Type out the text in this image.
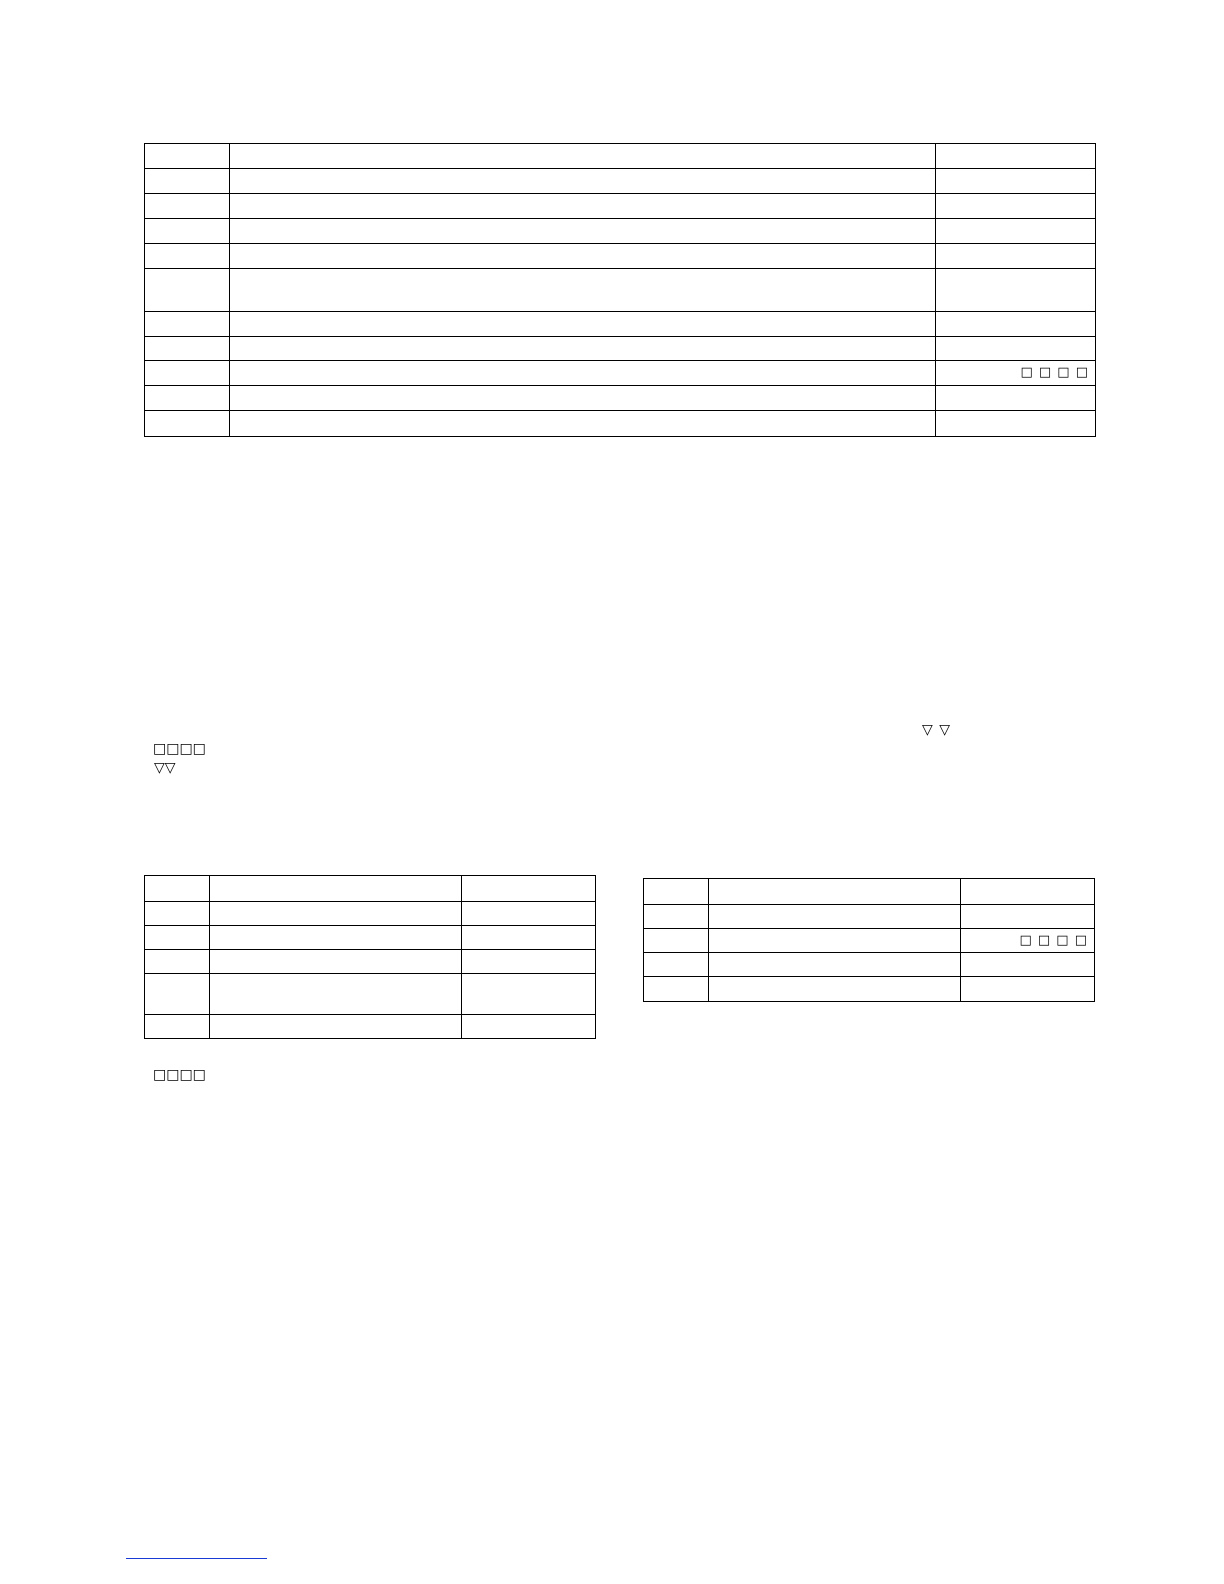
		□ □ □ □

▽ ▽
□□□□
▽▽

		□ □ □ □

□□□□
